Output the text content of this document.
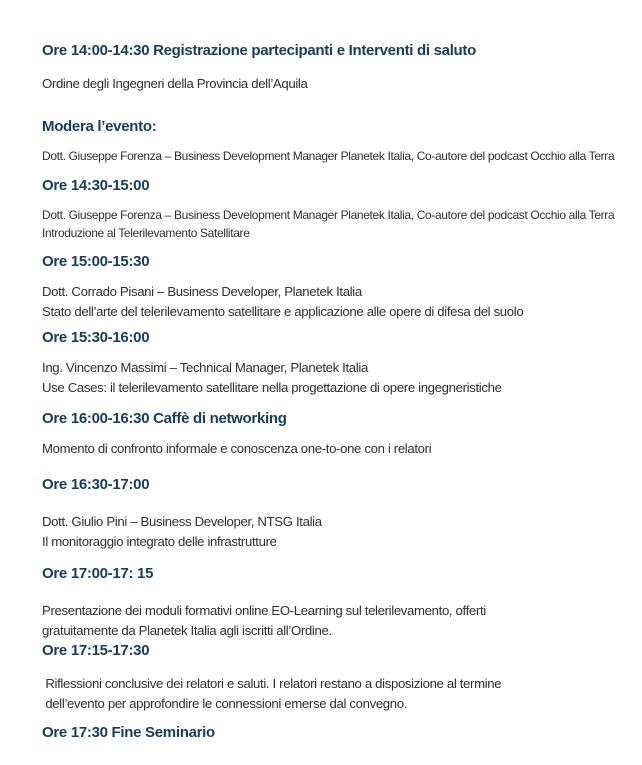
Ore 14:00-14:30 Registrazione partecipanti e Interventi di saluto

Ordine degli Ingegneri della Provincia dell’Aquila

Modera l’evento:

Dott. Giuseppe Forenza – Business Development Manager Planetek Italia, Co-autore del podcast Occhio alla Terra

Ore 14:30-15:00

Dott. Giuseppe Forenza – Business Development Manager Planetek Italia, Co-autore del podcast Occhio alla Terra

Introduzione al Telerilevamento Satellitare

Ore 15:00-15:30

Dott. Corrado Pisani – Business Developer, Planetek Italia

Stato dell’arte del telerilevamento satellitare e applicazione alle opere di difesa del suolo

Ore 15:30-16:00

Ing. Vincenzo Massimi – Technical Manager, Planetek Italia

Use Cases: il telerilevamento satellitare nella progettazione di opere ingegneristiche

Ore 16:00-16:30 Caffè di networking

Momento di confronto informale e conoscenza one-to-one con i relatori

Ore 16:30-17:00

Dott. Giulio Pini – Business Developer, NTSG Italia

Il monitoraggio integrato delle infrastrutture

Ore 17:00-17: 15

Presentazione dei moduli formativi online EO-Learning sul telerilevamento, offerti

gratuitamente da Planetek Italia agli iscritti all’Ordine.

Ore 17:15-17:30

Riflessioni conclusive dei relatori e saluti. I relatori restano a disposizione al termine

dell’evento per approfondire le connessioni emerse dal convegno.

Ore 17:30 Fine Seminario
